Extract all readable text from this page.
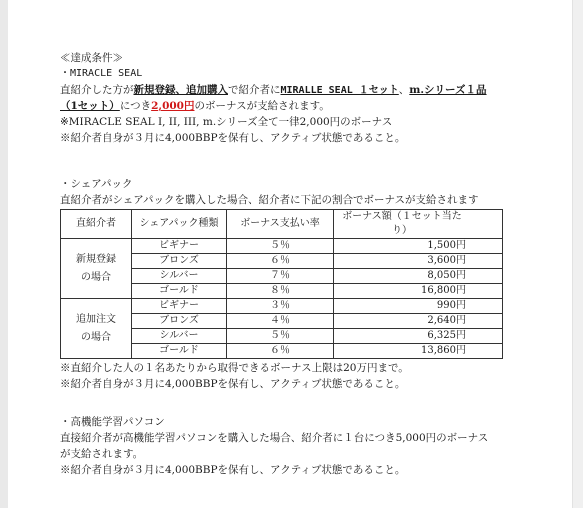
≪達成条件≫
・MIRACLE SEAL
直紹介した方が新規登録、追加購入で紹介者にMIRALLE SEAL １セット、m.シリーズ１品
（1セット）につき2,000円のボーナスが支給されます。
※MIRACLE SEAL I, II, III, m.シリーズ全て一律2,000円のボーナス
※紹介者自身が３月に4,000BBPを保有し、アクティブ状態であること。
・シェアパック
直紹介者がシェアパックを購入した場合、紹介者に下記の割合でボーナスが支給されます
直紹介者	シェアパック種類	ボーナス支払い率	ボーナス額（１セット当たり）
新規登録
の場合	ビギナー	５％	1,500円
	ブロンズ	６％	3,600円
	シルバー	７％	8,050円
	ゴールド	８％	16,800円
追加注文
の場合	ビギナー	３％	990円
	ブロンズ	４％	2,640円
	シルバー	５％	6,325円
	ゴールド	６％	13,860円
※直紹介した人の１名あたりから取得できるボーナス上限は20万円まで。
※紹介者自身が３月に4,000BBPを保有し、アクティブ状態であること。
・高機能学習パソコン
直接紹介者が高機能学習パソコンを購入した場合、紹介者に１台につき5,000円のボーナス
が支給されます。
※紹介者自身が３月に4,000BBPを保有し、アクティブ状態であること。
